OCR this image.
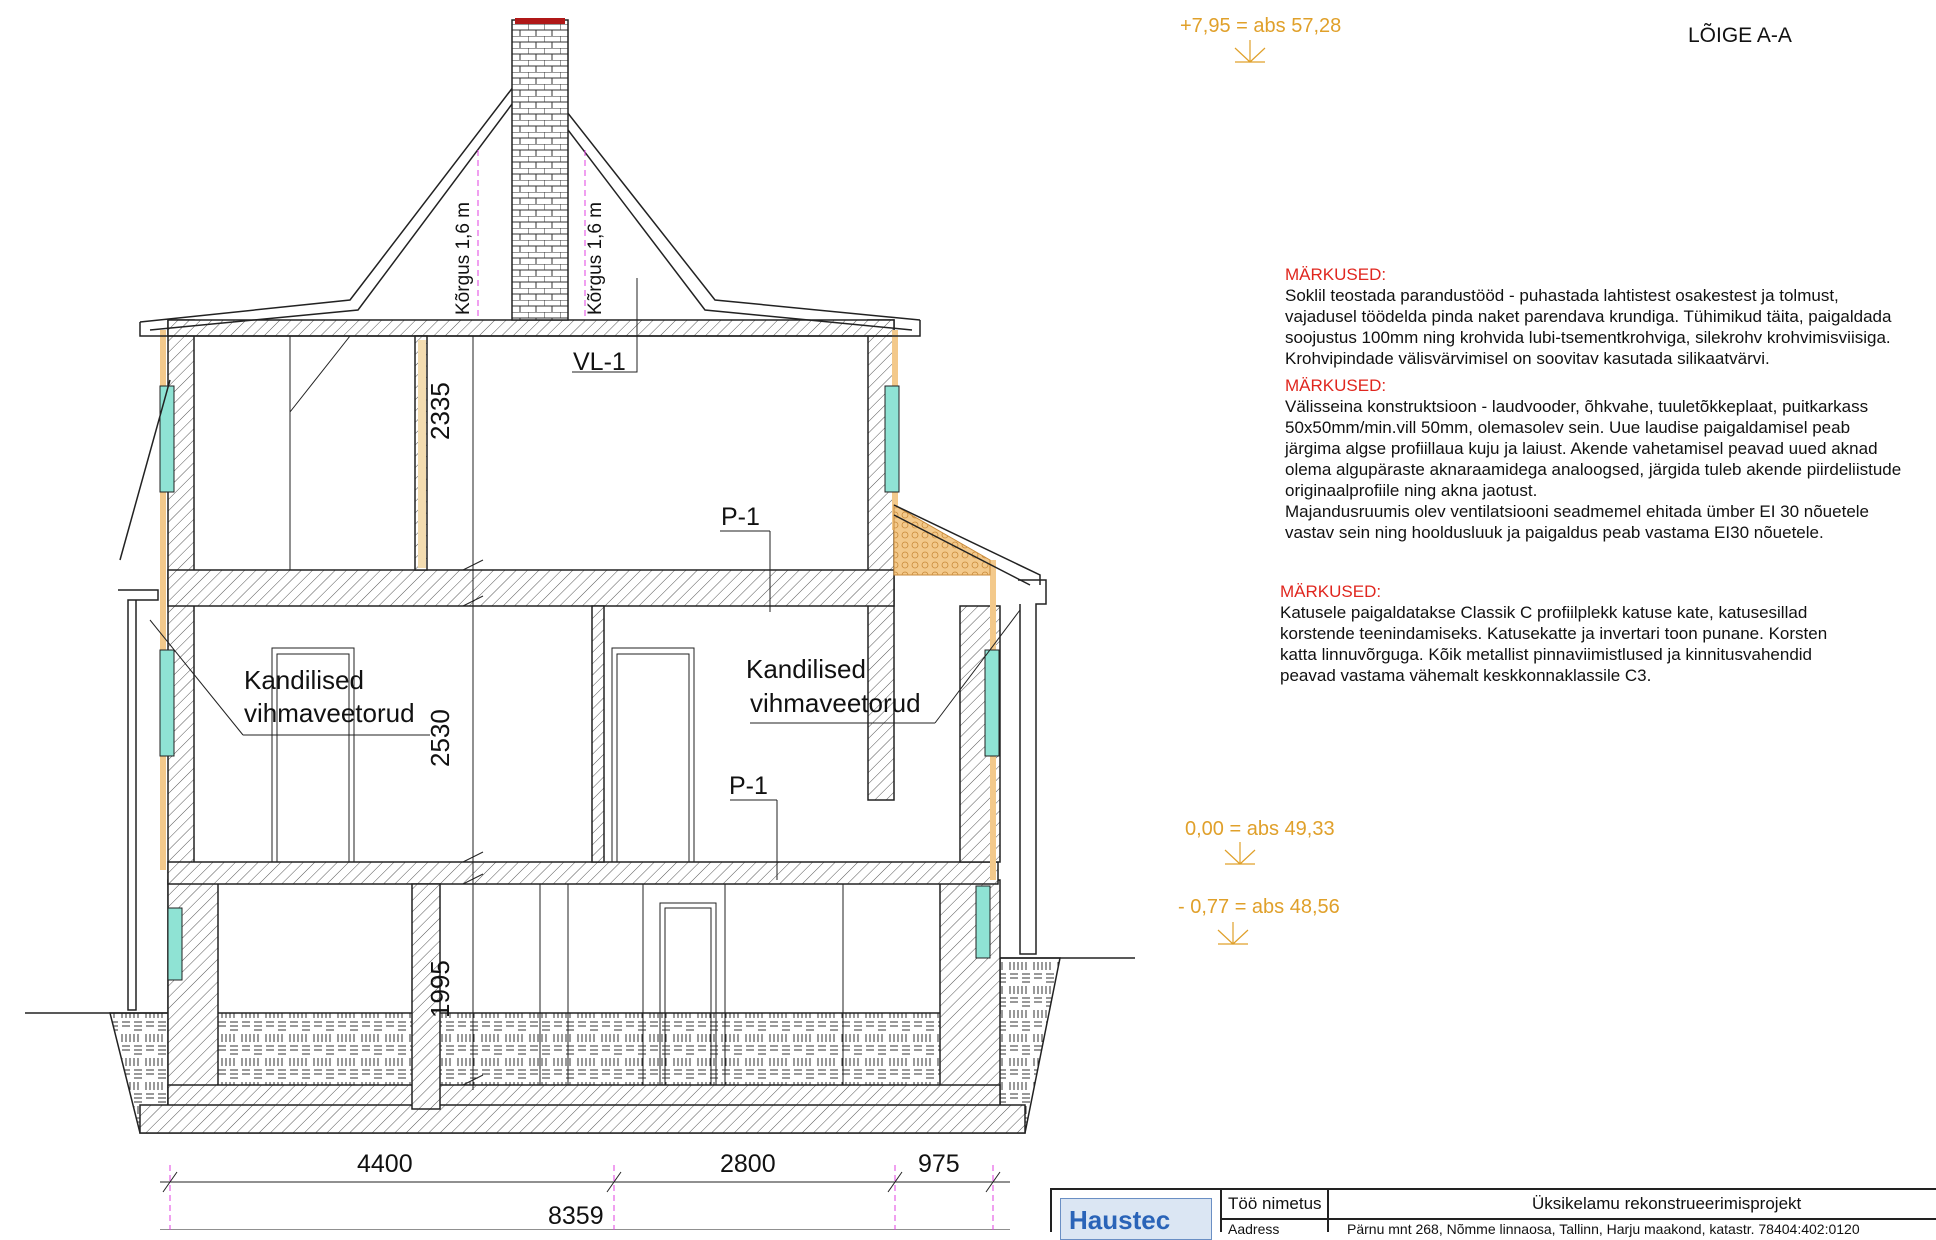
LÕIGE A-A
+7,95 = abs 57,28
0,00 = abs 49,33
- 0,77 = abs 48,56
2335
2530
1995
Kõrgus 1,6 m	Kõrgus 1,6 m
VL-1
P-1
P-1
Kandilised
vihmaveetorud
Kandilised
vihmaveetorud
4400	2800	975
8359
MÄRKUSED:
Soklil teostada parandustööd - puhastada lahtistest osakestest ja tolmust,
vajadusel töödelda pinda naket parendava krundiga. Tühimikud täita, paigaldada
soojustus 100mm ning krohvida lubi-tsementkrohviga, silekrohv krohvimisviisiga.
Krohvipindade välisvärvimisel on soovitav kasutada silikaatvärvi.
MÄRKUSED:
Välisseina konstruktsioon - laudvooder, õhkvahe, tuuletõkkeplaat, puitkarkass
50x50mm/min.vill 50mm, olemasolev sein. Uue laudise paigaldamisel peab
järgima algse profiillaua kuju ja laiust. Akende vahetamisel peavad uued aknad
olema algupäraste aknaraamidega analoogsed, järgida tuleb akende piirdeliistude
originaalprofiile ning akna jaotust.
Majandusruumis olev ventilatsiooni seadmemel ehitada ümber EI 30 nõuetele
vastav sein ning hooldusluuk ja paigaldus peab vastama EI30 nõuetele.
MÄRKUSED:
Katusele paigaldatakse Classik C profiilplekk katuse kate, katusesillad
korstende teenindamiseks. Katusekatte ja invertari toon punane. Korsten
katta linnuvõrguga. Kõik metallist pinnaviimistlused ja kinnitusvahendid
peavad vastama vähemalt keskkonnaklassile C3.
Haustec
Töö nimetus	Üksikelamu rekonstrueerimisprojekt
Aadress	Pärnu mnt 268, Nõmme linnaosa, Tallinn, Harju maakond, katastr. 78404:402:0120
